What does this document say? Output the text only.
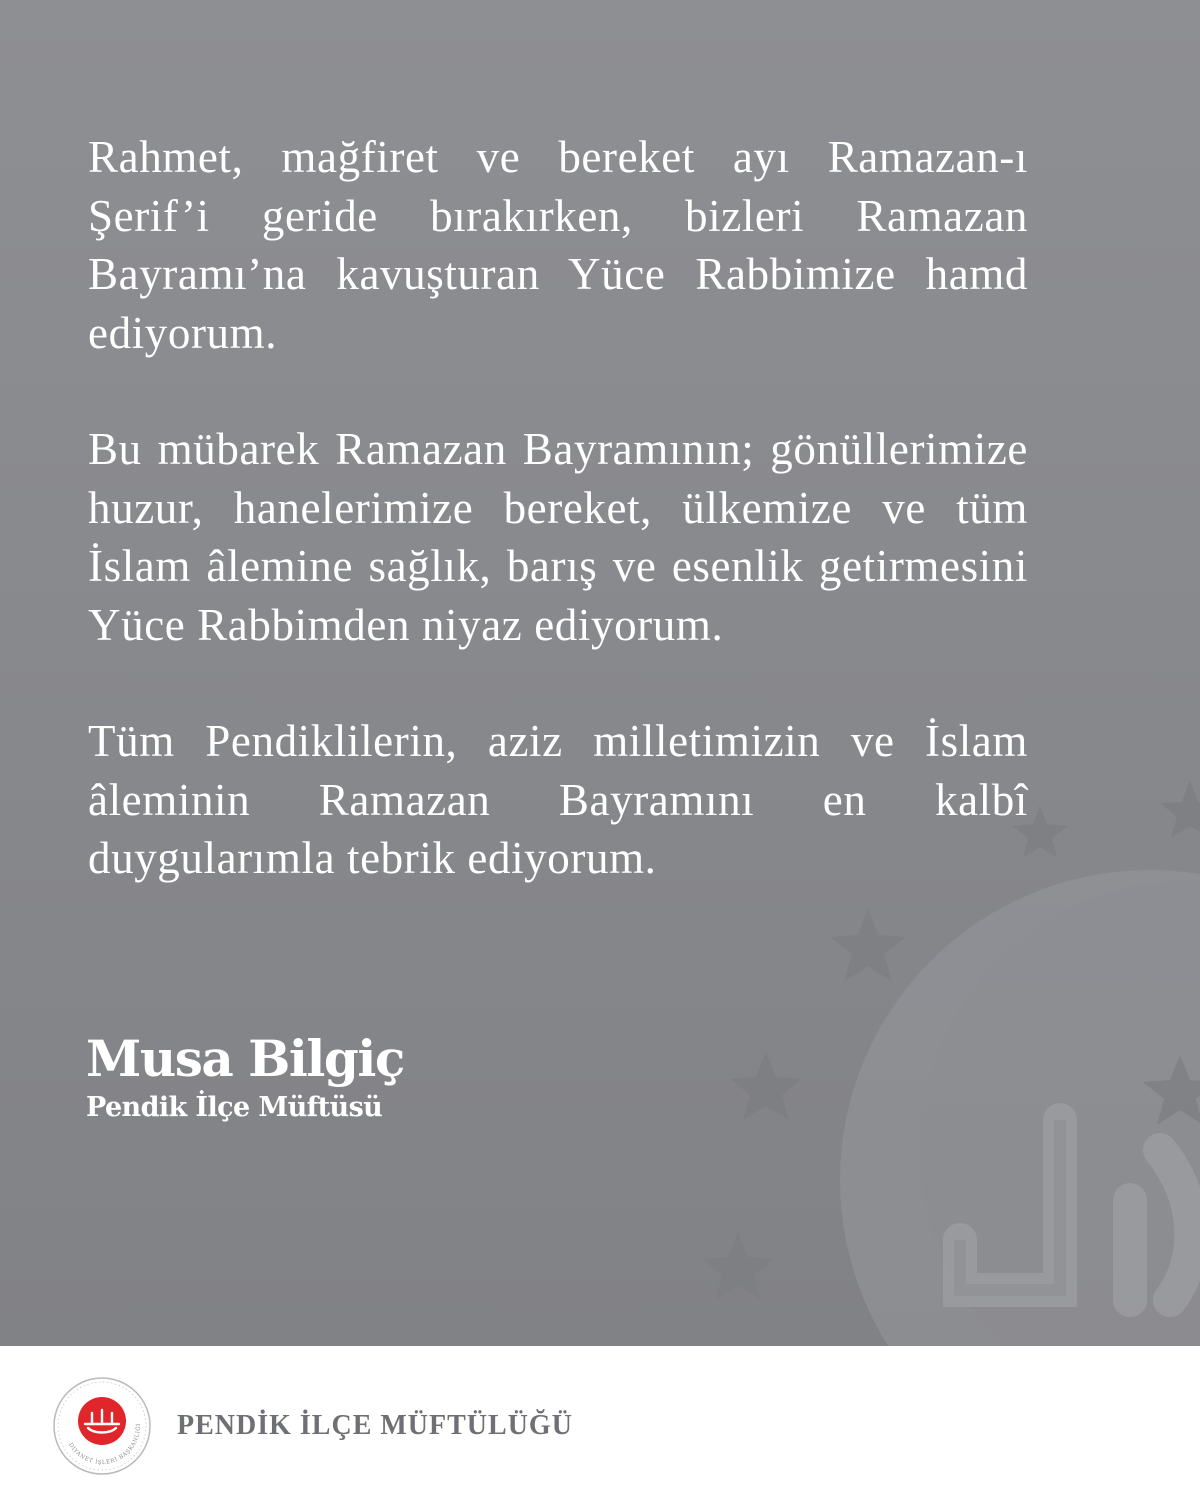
Rahmet, mağfiret ve bereket ayı Ramazan-ı Şerif’i geride bırakırken, bizleri Ramazan Bayramı’na kavuşturan Yüce Rabbimize hamd ediyorum.

Bu mübarek Ramazan Bayramının; gönüllerimize huzur, hanelerimize bereket, ülkemize ve tüm İslam âlemine sağlık, barış ve esenlik getirmesini Yüce Rabbimden niyaz ediyorum.

Tüm Pendiklilerin, aziz milletimizin ve İslam âleminin Ramazan Bayramını en kalbî duygularımla tebrik ediyorum.

Musa Bilgiç
Pendik İlçe Müftüsü
DİYANET İŞLERİ BAŞKANLIĞI PENDİK İLÇE MÜFTÜLÜĞÜ
